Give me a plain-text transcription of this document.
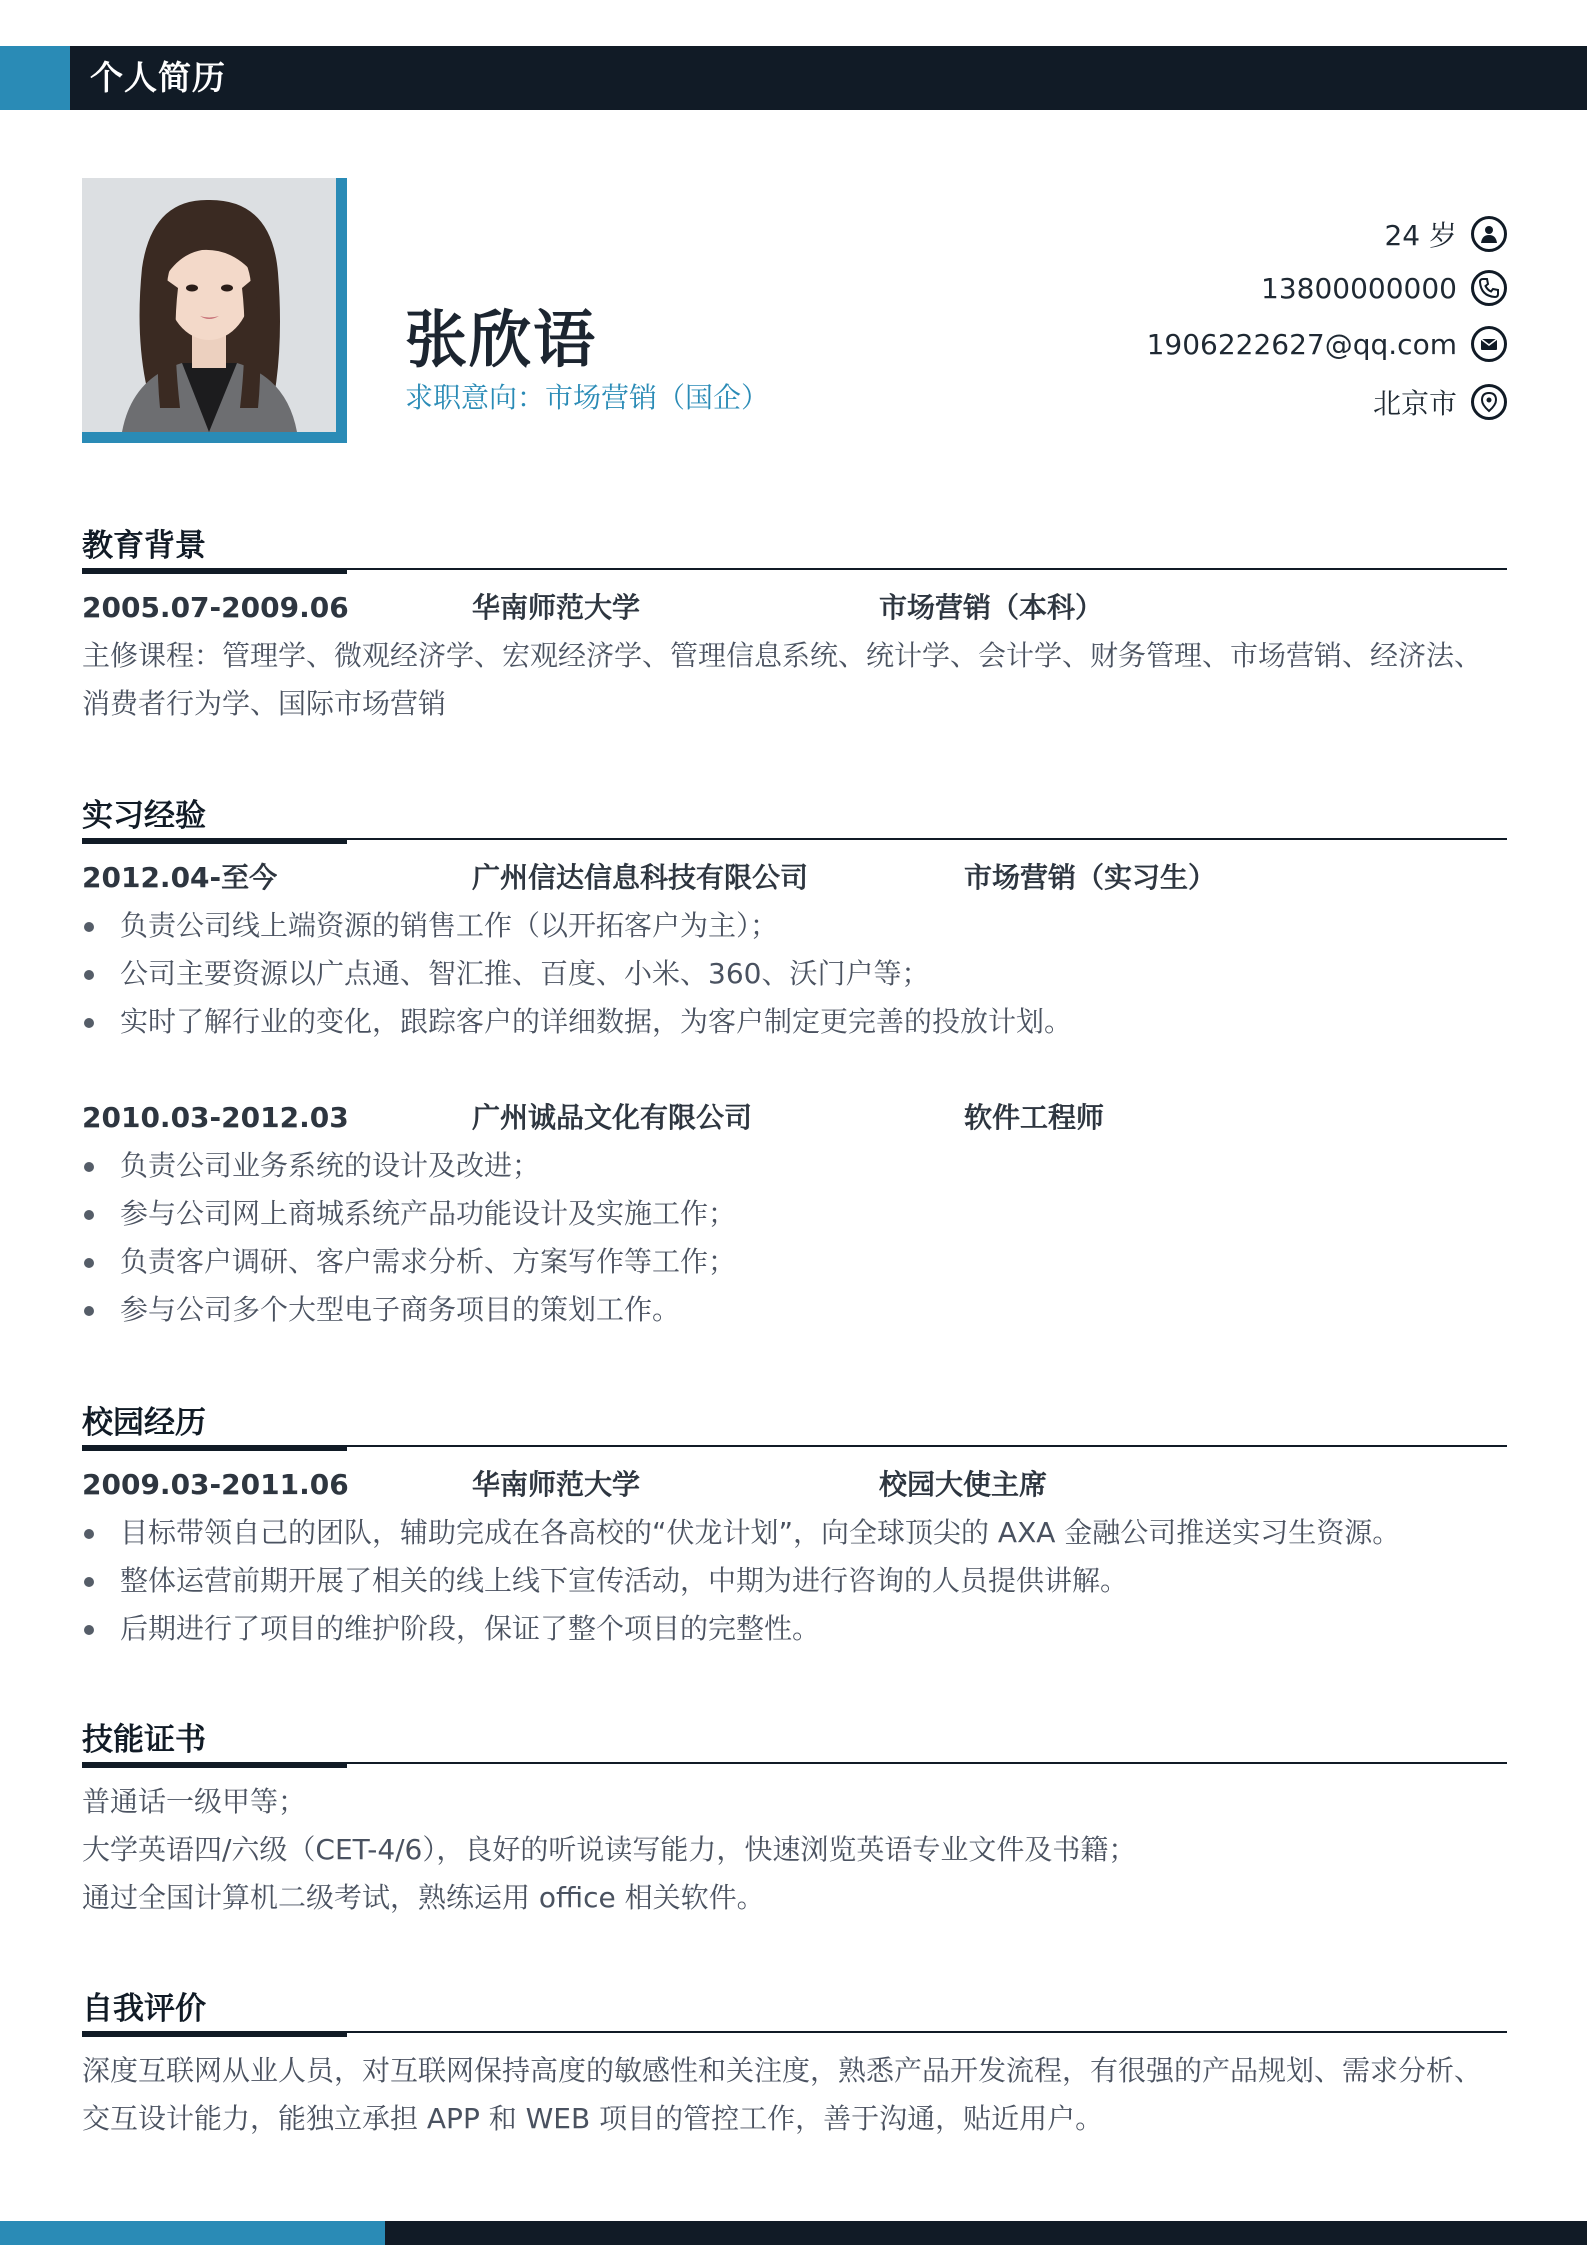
个人简历
张欣语
求职意向：市场营销（国企）
24 岁
13800000000
1906222627@qq.com
北京市
教育背景
2005.07-2009.06	华南师范大学	市场营销（本科）
主修课程：管理学、微观经济学、宏观经济学、管理信息系统、统计学、会计学、财务管理、市场营销、经济法、消费者行为学、国际市场营销
实习经验
2012.04-至今	广州信达信息科技有限公司	市场营销（实习生）
负责公司线上端资源的销售工作（以开拓客户为主）；
公司主要资源以广点通、智汇推、百度、小米、360、沃门户等；
实时了解行业的变化，跟踪客户的详细数据，为客户制定更完善的投放计划。
2010.03-2012.03	广州诚品文化有限公司	软件工程师
负责公司业务系统的设计及改进；
参与公司网上商城系统产品功能设计及实施工作；
负责客户调研、客户需求分析、方案写作等工作；
参与公司多个大型电子商务项目的策划工作。
校园经历
2009.03-2011.06	华南师范大学	校园大使主席
目标带领自己的团队，辅助完成在各高校的“伏龙计划”，向全球顶尖的 AXA 金融公司推送实习生资源。
整体运营前期开展了相关的线上线下宣传活动，中期为进行咨询的人员提供讲解。
后期进行了项目的维护阶段，保证了整个项目的完整性。
技能证书
普通话一级甲等；
大学英语四/六级（CET-4/6），良好的听说读写能力，快速浏览英语专业文件及书籍；
通过全国计算机二级考试，熟练运用 office 相关软件。
自我评价
深度互联网从业人员，对互联网保持高度的敏感性和关注度，熟悉产品开发流程，有很强的产品规划、需求分析、交互设计能力，能独立承担 APP 和 WEB 项目的管控工作，善于沟通，贴近用户。
